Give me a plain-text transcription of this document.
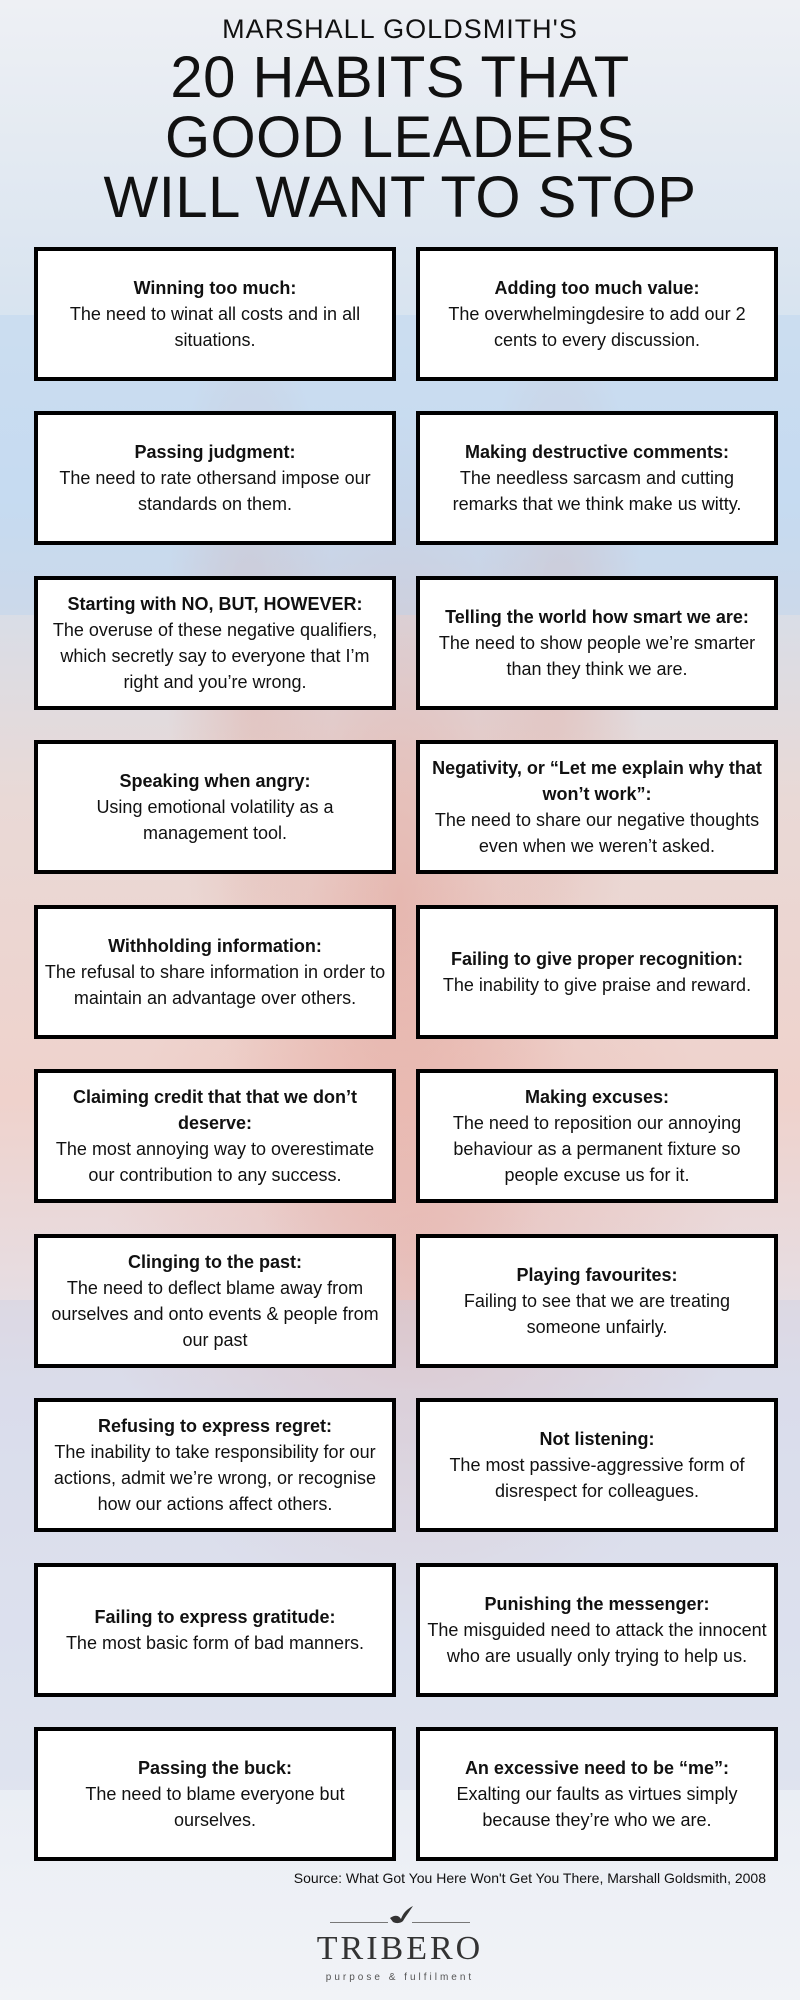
MARSHALL GOLDSMITH'S
20 HABITS THAT
GOOD LEADERS
WILL WANT TO STOP
Winning too much:
The need to winat all costs and in all situations.
Adding too much value:
The overwhelmingdesire to add our 2 cents to every discussion.
Passing judgment:
The need to rate othersand impose our standards on them.
Making destructive comments:
The needless sarcasm and cutting remarks that we think make us witty.
Starting with NO, BUT, HOWEVER:
The overuse of these negative qualifiers, which secretly say to everyone that I’m right and you’re wrong.
Telling the world how smart we are:
The need to show people we’re smarter than they think we are.
Speaking when angry:
Using emotional volatility as a management tool.
Negativity, or “Let me explain why that won’t work”:
The need to share our negative thoughts even when we weren’t asked.
Withholding information:
The refusal to share information in order to maintain an advantage over others.
Failing to give proper recognition:
The inability to give praise and reward.
Claiming credit that that we don’t deserve:
The most annoying way to overestimate our contribution to any success.
Making excuses:
The need to reposition our annoying behaviour as a permanent fixture so people excuse us for it.
Clinging to the past:
The need to deflect blame away from ourselves and onto events & people from our past
Playing favourites:
Failing to see that we are treating someone unfairly.
Refusing to express regret:
The inability to take responsibility for our actions, admit we’re wrong, or recognise how our actions affect others.
Not listening:
The most passive-aggressive form of disrespect for colleagues.
Failing to express gratitude:
The most basic form of bad manners.
Punishing the messenger:
The misguided need to attack the innocent who are usually only trying to help us.
Passing the buck:
The need to blame everyone but ourselves.
An excessive need to be “me”:
Exalting our faults as virtues simply because they’re who we are.
Source: What Got You Here Won't Get You There, Marshall Goldsmith, 2008
TRIBERO
purpose & fulfilment
